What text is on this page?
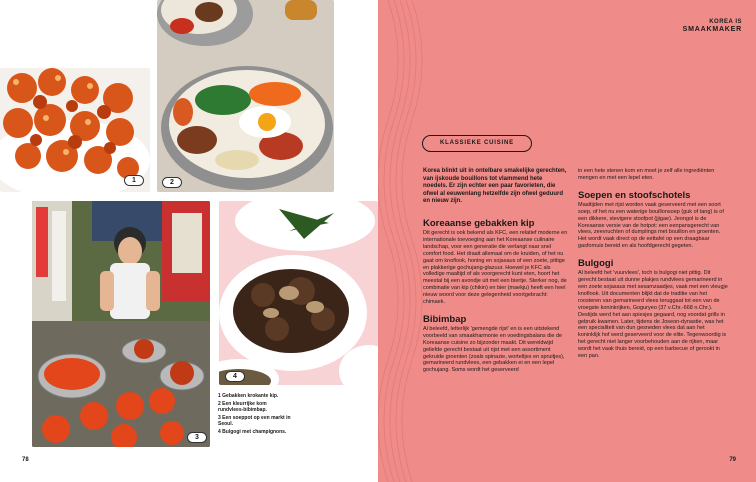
1	2
3
4
1 Gebakken krokante kip.
2 Een kleurrijke kom rundvlees-bibimbap.
3 Een soeppot op een markt in Seoul.
4 Bulgogi met champignons.
78
KOREA IS
SMAAKMAKER
79
KLASSIEKE CUISINE
Korea blinkt uit in ontelbare smakelijke gerechten, van ijskoude bouillons tot vlammend hete noedels. Er zijn echter een paar favorieten, die ofwel al eeuwenlang hetzelfde zijn ofwel geduurd en nieuw zijn.
Koreaanse gebakken kip
Dit gerecht is ook bekend als KFC, een relatief moderne en internationale toevoeging aan het Koreaanse culinaire landschap, voor een generatie die verlangt naar snel comfort food. Het draait allemaal om de kruiden, of het nu gaat om knoflook, honing en sojasaus of een zoete, pittige en plakkerige gochujang-glazuur. Hoewel je KFC als volledige maaltijd of als voorgerecht kunt eten, hoort het meestal bij een avondje uit met een biertje. Sterker nog, de combinatie van kip (chikin) en bier (maekju) heeft een heel nieuw woord voor deze gelegenheid voortgebracht: chimaek.
Bibimbap
Al beleefd, letterlijk 'gemengde rijst' en is een uitstekend voorbeeld van smaakharmonie en voedingsbalans die de Koreaanse cuisine zo bijzonder maakt. Dit wereldwijd geliefde gerecht bestaat uit rijst met een assortiment gekruide groenten (zoals spinazie, worteltjes en spruitjes), gemarineerd rundvlees, een gebakken ei en een lepel gochujang. Soms wordt het geserveerd
in een hete stenen kom en moet je zelf alle ingrediënten mengen en met een lepel eten.
Soepen en stoofschotels
Maaltijden met rijst worden vaak geserveerd met een soort soep, of het nu een waterige bouillonsoep (guk of tang) is of een dikkere, stevigere stoofpot (jjigae). Jeongol is de Koreaanse versie van de hotpot: een eenpansgerecht van vlees, zeevruchten of dumplings met bouillon en groenten. Het wordt vaak direct op de eettafel op een draagbaar gasfornuis bereid en als hoofdgerecht gegeten.
Bulgogi
Al beleefd het 'vuurvlees', toch is bulgogi niet pittig. Dit gerecht bestaat uit dunne plakjes rundvlees gemarineerd in een zoete sojasaus met sesamzaadjes, vaak met een vleugje knoflook. Uit documenten blijkt dat de traditie van het roosteren van gemarineerd vlees teruggaat tot een van de vroegste koninkrijken, Goguryeo (37 v.Chr.-668 n.Chr.). Destijds werd het aan spiesjes gegaard, nog voordat grills in gebruik kwamen. Later, tijdens de Joseon-dynastie, was het een specialiteit van dun gesneden vlees dat aan het koninklijk hof werd geserveerd voor de elite. Tegenwoordig is het gerecht niet langer voorbehouden aan de rijken, maar wordt het vaak thuis bereid, op een barbecue of gerookt in een pan.
